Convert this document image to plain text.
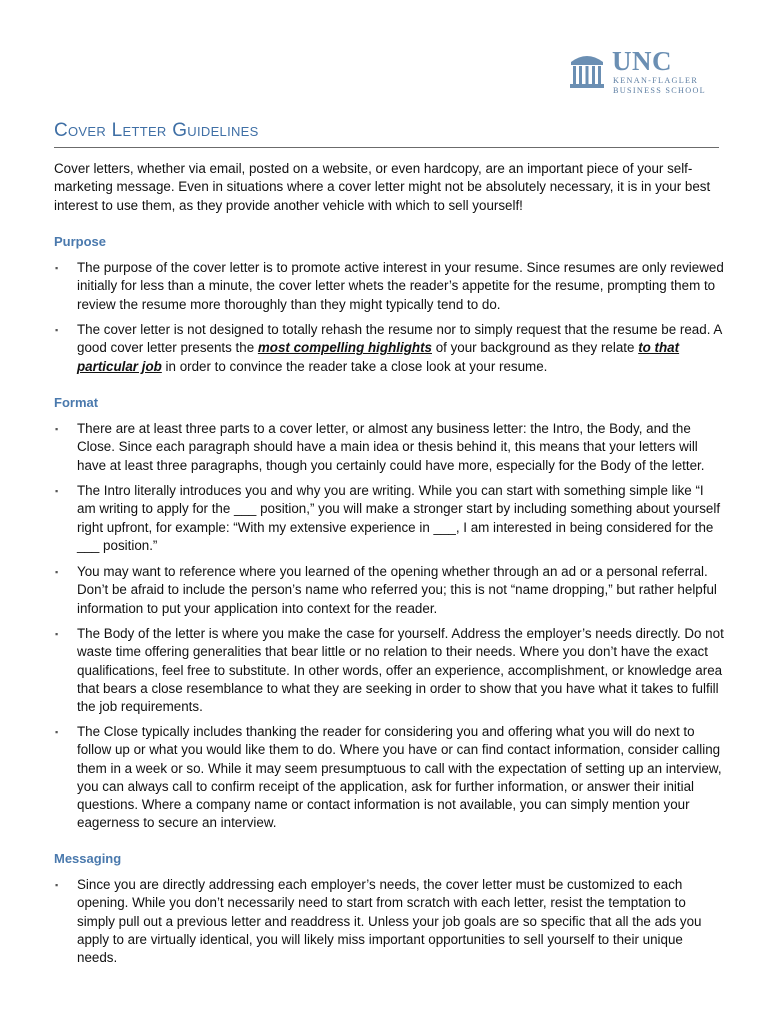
UNC
KENAN-FLAGLER
BUSINESS SCHOOL
Cover Letter Guidelines
Cover letters, whether via email, posted on a website, or even hardcopy, are an important piece of your self-marketing message. Even in situations where a cover letter might not be absolutely necessary, it is in your best interest to use them, as they provide another vehicle with which to sell yourself!
Purpose
▪ The purpose of the cover letter is to promote active interest in your resume. Since resumes are only reviewed initially for less than a minute, the cover letter whets the reader’s appetite for the resume, prompting them to review the resume more thoroughly than they might typically tend to do.
▪ The cover letter is not designed to totally rehash the resume nor to simply request that the resume be read. A good cover letter presents the most compelling highlights of your background as they relate to that particular job in order to convince the reader take a close look at your resume.
Format
▪ There are at least three parts to a cover letter, or almost any business letter: the Intro, the Body, and the Close. Since each paragraph should have a main idea or thesis behind it, this means that your letters will have at least three paragraphs, though you certainly could have more, especially for the Body of the letter.
▪ The Intro literally introduces you and why you are writing. While you can start with something simple like “I am writing to apply for the ___ position,” you will make a stronger start by including something about yourself right upfront, for example: “With my extensive experience in ___, I am interested in being considered for the ___ position.”
▪ You may want to reference where you learned of the opening whether through an ad or a personal referral. Don’t be afraid to include the person’s name who referred you; this is not “name dropping,” but rather helpful information to put your application into context for the reader.
▪ The Body of the letter is where you make the case for yourself. Address the employer’s needs directly. Do not waste time offering generalities that bear little or no relation to their needs. Where you don’t have the exact qualifications, feel free to substitute. In other words, offer an experience, accomplishment, or knowledge area that bears a close resemblance to what they are seeking in order to show that you have what it takes to fulfill the job requirements.
▪ The Close typically includes thanking the reader for considering you and offering what you will do next to follow up or what you would like them to do. Where you have or can find contact information, consider calling them in a week or so. While it may seem presumptuous to call with the expectation of setting up an interview, you can always call to confirm receipt of the application, ask for further information, or answer their initial questions. Where a company name or contact information is not available, you can simply mention your eagerness to secure an interview.
Messaging
▪ Since you are directly addressing each employer’s needs, the cover letter must be customized to each opening. While you don’t necessarily need to start from scratch with each letter, resist the temptation to simply pull out a previous letter and readdress it. Unless your job goals are so specific that all the ads you apply to are virtually identical, you will likely miss important opportunities to sell yourself to their unique needs.
